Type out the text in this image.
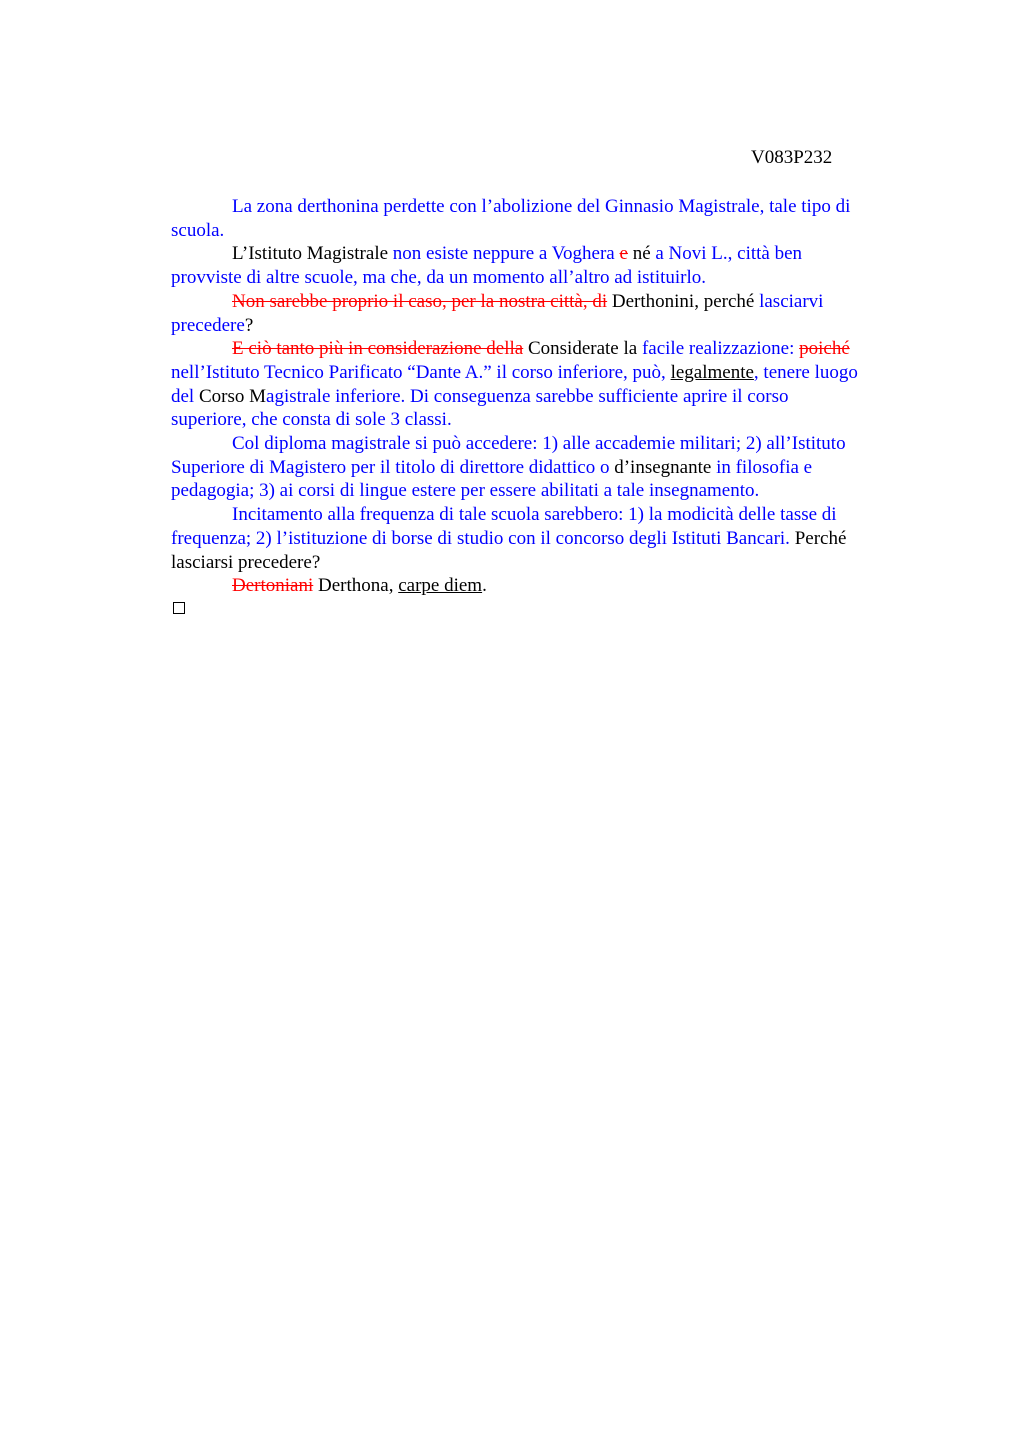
V083P232

La zona derthonina perdette con l’abolizione del Ginnasio Magistrale, tale tipo di
scuola.

L’Istituto Magistrale non esiste neppure a Voghera e né a Novi L., città ben
provviste di altre scuole, ma che, da un momento all’altro ad istituirlo.

Non sarebbe proprio il caso, per la nostra città, di Derthonini, perché lasciarvi
precedere?

E ciò tanto più in considerazione della Considerate la facile realizzazione: poiché
nell’Istituto Tecnico Parificato “Dante A.” il corso inferiore, può, legalmente, tenere luogo
del Corso Magistrale inferiore. Di conseguenza sarebbe sufficiente aprire il corso
superiore, che consta di sole 3 classi.

Col diploma magistrale si può accedere: 1) alle accademie militari; 2) all’Istituto
Superiore di Magistero per il titolo di direttore didattico o d’insegnante in filosofia e
pedagogia; 3) ai corsi di lingue estere per essere abilitati a tale insegnamento.

Incitamento alla frequenza di tale scuola sarebbero: 1) la modicità delle tasse di
frequenza; 2) l’istituzione di borse di studio con il concorso degli Istituti Bancari. Perché
lasciarsi precedere?

Dertoniani Derthona, carpe diem.
